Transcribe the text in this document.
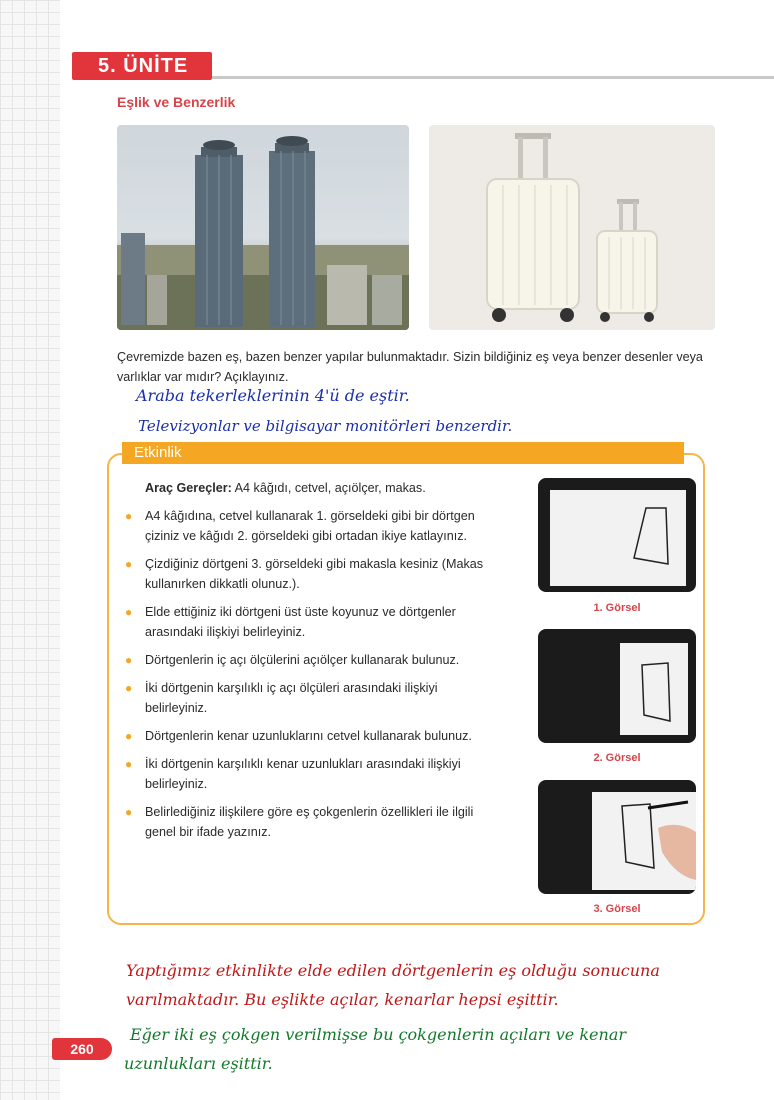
5. ÜNİTE
Eşlik ve Benzerlik
Çevremizde bazen eş, bazen benzer yapılar bulunmaktadır. Sizin bildiğiniz eş veya benzer desenler veya varlıklar var mıdır? Açıklayınız.
Araba tekerleklerinin 4'ü de eştir.
Televizyonlar ve bilgisayar monitörleri benzerdir.
Etkinlik
Araç Gereçler: A4 kâğıdı, cetvel, açıölçer, makas.
● A4 kâğıdına, cetvel kullanarak 1. görseldeki gibi bir dörtgen çiziniz ve kâğıdı 2. görseldeki gibi ortadan ikiye katlayınız.
● Çizdiğiniz dörtgeni 3. görseldeki gibi makasla kesiniz (Makas kullanırken dikkatli olunuz.).
● Elde ettiğiniz iki dörtgeni üst üste koyunuz ve dörtgenler arasındaki ilişkiyi belirleyiniz.
● Dörtgenlerin iç açı ölçülerini açıölçer kullanarak bulunuz.
● İki dörtgenin karşılıklı iç açı ölçüleri arasındaki ilişkiyi belirleyiniz.
● Dörtgenlerin kenar uzunluklarını cetvel kullanarak bulunuz.
● İki dörtgenin karşılıklı kenar uzunlukları arasındaki ilişkiyi belirleyiniz.
● Belirlediğiniz ilişkilere göre eş çokgenlerin özellikleri ile ilgili genel bir ifade yazınız.
1. Görsel
2. Görsel
3. Görsel
Yaptığımız etkinlikte elde edilen dörtgenlerin eş olduğu sonucuna
varılmaktadır. Bu eşlikte açılar, kenarlar hepsi eşittir.
260
Eğer iki eş çokgen verilmişse bu çokgenlerin açıları ve kenar
uzunlukları eşittir.
